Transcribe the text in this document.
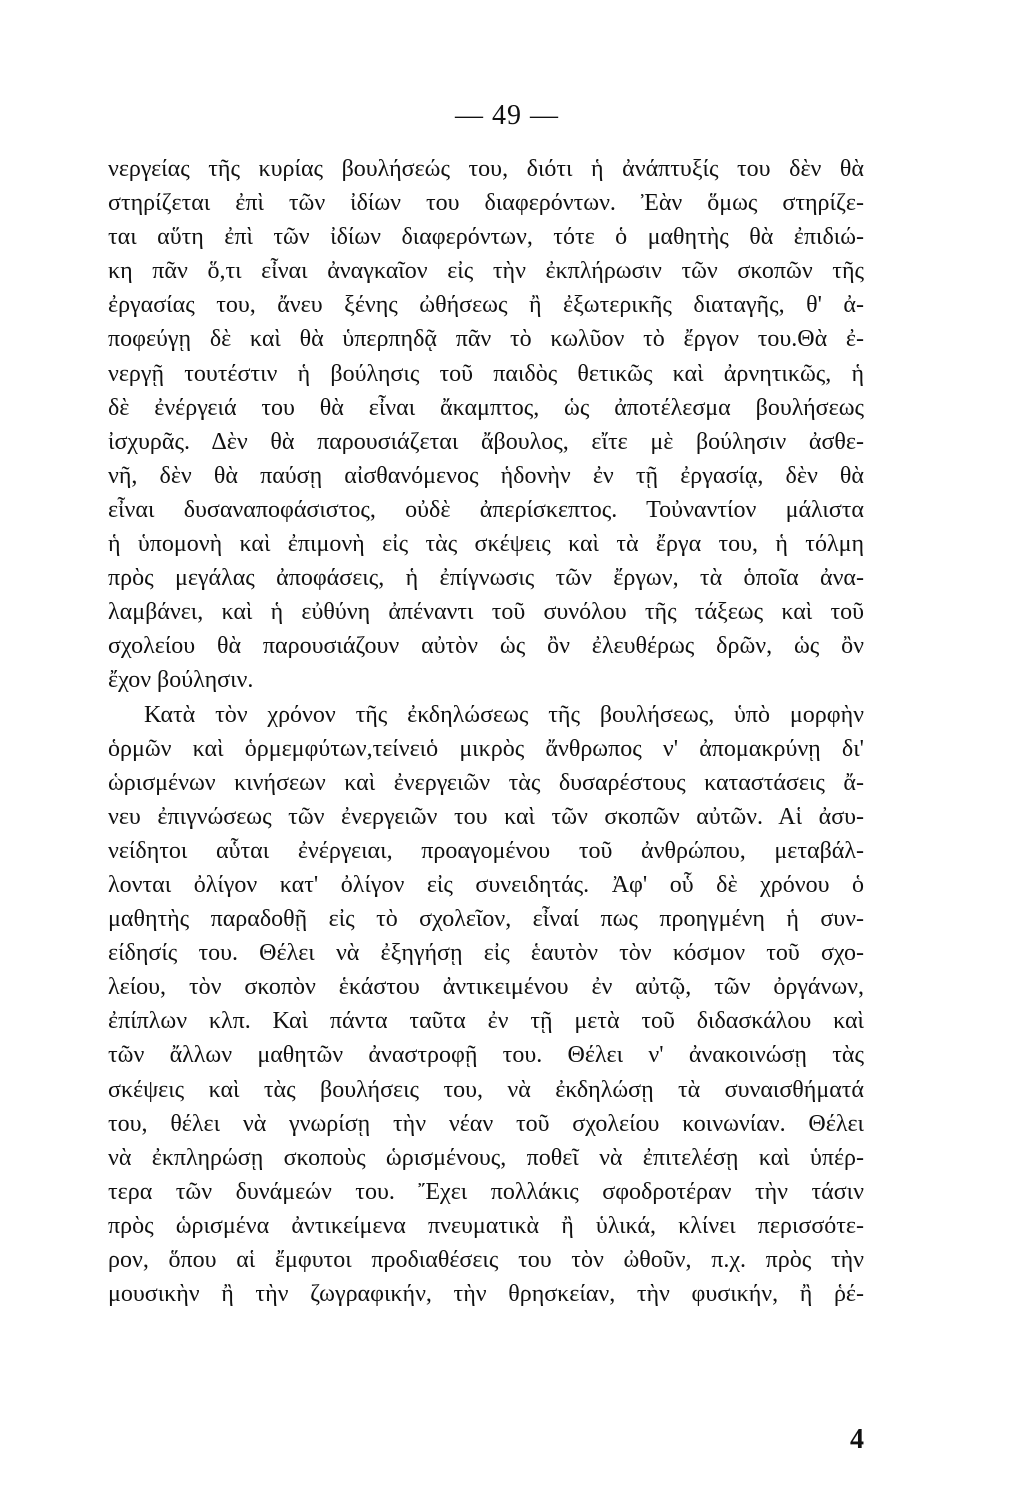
— 49 —
νεργείας τῆς κυρίας βουλήσεώς του, διότι ἡ ἀνάπτυξίς του δὲν θὰ
στηρίζεται ἐπὶ τῶν ἰδίων του διαφερόντων. Ἐὰν ὅμως στηρίζε-
ται αὕτη ἐπὶ τῶν ἰδίων διαφερόντων, τότε ὁ μαθητὴς θὰ ἐπιδιώ-
κη πᾶν ὅ,τι εἶναι ἀναγκαῖον εἰς τὴν ἐκπλήρωσιν τῶν σκοπῶν τῆς
ἐργασίας του, ἄνευ ξένης ὠθήσεως ἢ ἐξωτερικῆς διαταγῆς, θ' ἀ-
ποφεύγῃ δὲ καὶ θὰ ὑπερπηδᾷ πᾶν τὸ κωλῦον τὸ ἔργον του.Θὰ ἐ-
νεργῇ τουτέστιν ἡ βούλησις τοῦ παιδὸς θετικῶς καὶ ἀρνητικῶς, ἡ
δὲ ἐνέργειά του θὰ εἶναι ἄκαμπτος, ὡς ἀποτέλεσμα βουλήσεως
ἰσχυρᾶς. Δὲν θὰ παρουσιάζεται ἄβουλος, εἴτε μὲ βούλησιν ἀσθε-
νῆ, δὲν θὰ παύσῃ αἰσθανόμενος ἡδονὴν ἐν τῇ ἐργασίᾳ, δὲν θὰ
εἶναι δυσαναποφάσιστος, οὐδὲ ἀπερίσκεπτος. Τοὐναντίον μάλιστα
ἡ ὑπομονὴ καὶ ἐπιμονὴ εἰς τὰς σκέψεις καὶ τὰ ἔργα του, ἡ τόλμη
πρὸς μεγάλας ἀποφάσεις, ἡ ἐπίγνωσις τῶν ἔργων, τὰ ὁποῖα ἀνα-
λαμβάνει, καὶ ἡ εὐθύνη ἀπέναντι τοῦ συνόλου τῆς τάξεως καὶ τοῦ
σχολείου θὰ παρουσιάζουν αὐτὸν ὡς ὂν ἐλευθέρως δρῶν, ὡς ὂν
ἔχον βούλησιν.
Κατὰ τὸν χρόνον τῆς ἐκδηλώσεως τῆς βουλήσεως, ὑπὸ μορφὴν
ὁρμῶν καὶ ὁρμεμφύτων,τείνειὁ μικρὸς ἄνθρωπος ν' ἀπομακρύνῃ δι'
ὡρισμένων κινήσεων καὶ ἐνεργειῶν τὰς δυσαρέστους καταστάσεις ἄ-
νευ ἐπιγνώσεως τῶν ἐνεργειῶν του καὶ τῶν σκοπῶν αὐτῶν. Αἱ ἀσυ-
νείδητοι αὗται ἐνέργειαι, προαγομένου τοῦ ἀνθρώπου, μεταβάλ-
λονται ὀλίγον κατ' ὀλίγον εἰς συνειδητάς. Ἀφ' οὗ δὲ χρόνου ὁ
μαθητὴς παραδοθῇ εἰς τὸ σχολεῖον, εἶναί πως προηγμένη ἡ συν-
είδησίς του. Θέλει νὰ ἐξηγήσῃ εἰς ἑαυτὸν τὸν κόσμον τοῦ σχο-
λείου, τὸν σκοπὸν ἑκάστου ἀντικειμένου ἐν αὐτῷ, τῶν ὀργάνων,
ἐπίπλων κλπ. Καὶ πάντα ταῦτα ἐν τῇ μετὰ τοῦ διδασκάλου καὶ
τῶν ἄλλων μαθητῶν ἀναστροφῇ του. Θέλει ν' ἀνακοινώσῃ τὰς
σκέψεις καὶ τὰς βουλήσεις του, νὰ ἐκδηλώσῃ τὰ συναισθήματά
του, θέλει νὰ γνωρίσῃ τὴν νέαν τοῦ σχολείου κοινωνίαν. Θέλει
νὰ ἐκπληρώσῃ σκοποὺς ὡρισμένους, ποθεῖ νὰ ἐπιτελέσῃ καὶ ὑπέρ-
τερα τῶν δυνάμεών του. Ἔχει πολλάκις σφοδροτέραν τὴν τάσιν
πρὸς ὡρισμένα ἀντικείμενα πνευματικὰ ἢ ὑλικά, κλίνει περισσότε-
ρον, ὅπου αἱ ἔμφυτοι προδιαθέσεις του τὸν ὠθοῦν, π.χ. πρὸς τὴν
μουσικὴν ἢ τὴν ζωγραφικήν, τὴν θρησκείαν, τὴν φυσικήν, ἢ ῥέ-
4
